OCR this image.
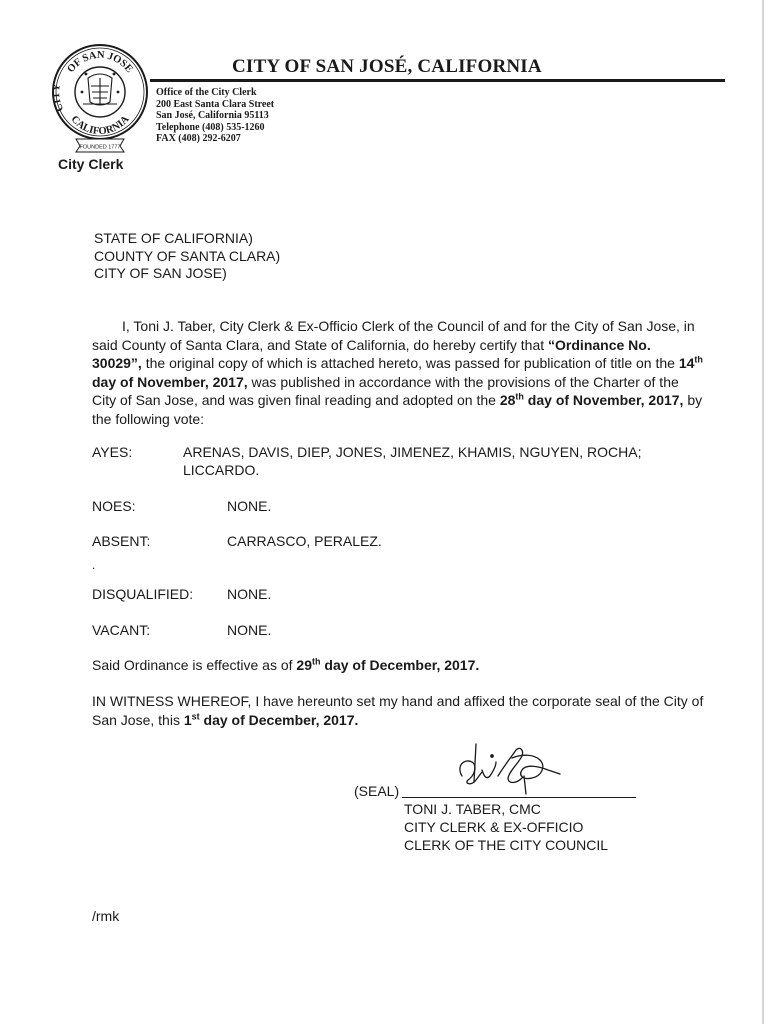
OF SAN JOSE
CITY
CALIFORNIA
FOUNDED 1777
City Clerk
CITY OF SAN JOSÉ, CALIFORNIA
Office of the City Clerk
200 East Santa Clara Street
San José, California 95113
Telephone (408) 535-1260
FAX (408) 292-6207
STATE OF CALIFORNIA)
COUNTY OF SANTA CLARA)
CITY OF SAN JOSE)
I, Toni J. Taber, City Clerk & Ex-Officio Clerk of the Council of and for the City of San Jose, in said County of Santa Clara, and State of California, do hereby certify that “Ordinance No. 30029”, the original copy of which is attached hereto, was passed for publication of title on the 14th day of November, 2017, was published in accordance with the provisions of the Charter of the City of San Jose, and was given final reading and adopted on the 28th day of November, 2017, by the following vote:
AYES:	ARENAS, DAVIS, DIEP, JONES, JIMENEZ, KHAMIS, NGUYEN, ROCHA;
LICCARDO.
NOES:	NONE.
ABSENT:	CARRASCO, PERALEZ.
.
DISQUALIFIED: NONE.
VACANT:	NONE.
Said Ordinance is effective as of 29th day of December, 2017.
IN WITNESS WHEREOF, I have hereunto set my hand and affixed the corporate seal of the City of San Jose, this 1st day of December, 2017.
(SEAL)
TONI J. TABER, CMC
CITY CLERK & EX-OFFICIO
CLERK OF THE CITY COUNCIL
/rmk
